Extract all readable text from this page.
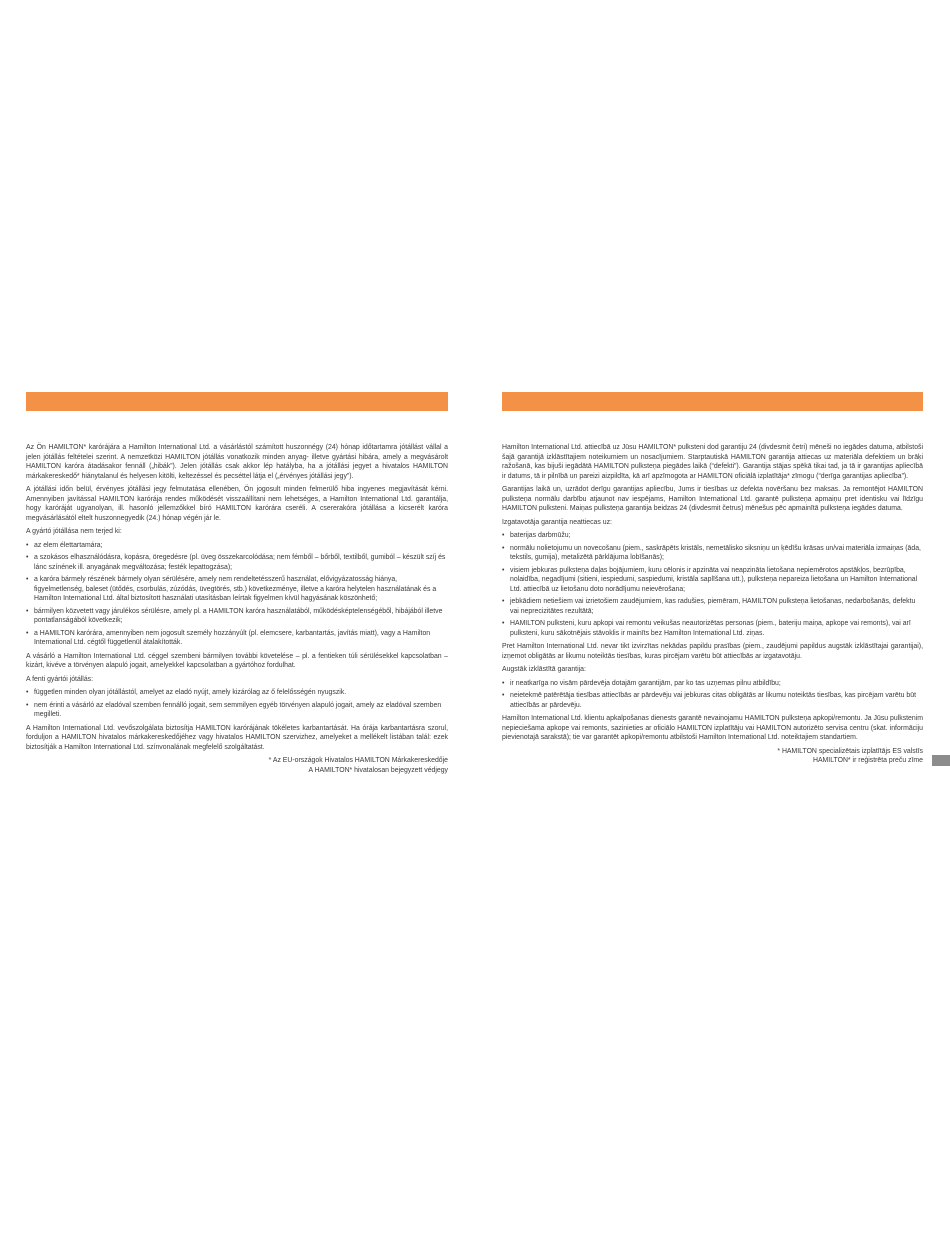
Az Ön HAMILTON* karórájára a Hamilton International Ltd. a vásárlástól számított huszonnégy (24) hónap időtartamra jótállást vállal a jelen jótállás feltételei szerint. A nemzetközi HAMILTON jótállás vonatkozik minden anyag- illetve gyártási hibára, amely a megvásárolt HAMILTON karóra átadásakor fennáll („hibák”). Jelen jótállás csak akkor lép hatályba, ha a jótállási jegyet a hivatalos HAMILTON márkakereskedő* hiánytalanul és helyesen kitölti, keltezéssel és pecséttel látja el („érvényes jótállási jegy”).

A jótállási időn belül, érvényes jótállási jegy felmutatása ellenében, Ön jogosult minden felmerülő hiba ingyenes megjavítását kérni. Amennyiben javítással HAMILTON karórája rendes működését visszaállítani nem lehetséges, a Hamilton International Ltd. garantálja, hogy karóráját ugyanolyan, ill. hasonló jellemzőkkel bíró HAMILTON karórára cseréli. A csererakóra jótállása a kicserélt karóra megvásárlásától eltelt huszonnegyedik (24.) hónap végén jár le.

A gyártó jótállása nem terjed ki:

• az elem élettartamára;
• a szokásos elhasználódásra, kopásra, öregedésre (pl. üveg összekarcolódása; nem fémből – bőrből, textilből, gumiból – készült szíj és lánc színének ill. anyagának megváltozása; festék lepattogzása);
• a karóra bármely részének bármely olyan sérülésére, amely nem rendeltetésszerű használat, elővigyázatosság hiánya, figyelmetlenség, baleset (ütődés, csorbulás, zúzódás, üvegtörés, stb.) következménye, illetve a karóra helytelen használatának és a Hamilton International Ltd. által biztosított használati utasításban leírtak figyelmen kívül hagyásának köszönhető;
• bármilyen közvetett vagy járulékos sérülésre, amely pl. a HAMILTON karóra használatából, működésképtelenségéből, hibájából illetve pontatlanságából következik;
• a HAMILTON karórára, amennyiben nem jogosult személy hozzányúlt (pl. elemcsere, karbantartás, javítás miatt), vagy a Hamilton International Ltd. cégtől függetlenül átalakították.

A vásárló a Hamilton International Ltd. céggel szembeni bármilyen további követelése – pl. a fentieken túli sérülésekkel kapcsolatban – kizárt, kivéve a törvényen alapuló jogait, amelyekkel kapcsolatban a gyártóhoz fordulhat.

A fenti gyártói jótállás:

• független minden olyan jótállástól, amelyet az eladó nyújt, amely kizárólag az ő felelősségén nyugszik.
• nem érinti a vásárló az eladóval szemben fennálló jogait, sem semmilyen egyéb törvényen alapuló jogait, amely az eladóval szemben megilleti.

A Hamilton International Ltd. vevőszolgálata biztosítja HAMILTON karórájának tökéletes karbantartását. Ha órája karbantartásra szorul, forduljon a HAMILTON hivatalos márkakereskedőjéhez vagy hivatalos HAMILTON szervizhez, amelyeket a mellékelt listában talál: ezek biztosítják a Hamilton International Ltd. színvonalának megfelelő szolgáltatást.

* Az EU-országok Hivatalos HAMILTON Márkakereskedője
A HAMILTON* hivatalosan bejegyzett védjegy

Hamilton International Ltd. attiecībā uz Jūsu HAMILTON* pulksteni dod garantiju 24 (divdesmit četri) mēneši no iegādes datuma, atbilstoši šajā garantijā izklāstītajiem noteikumiem un nosacījumiem. Starptautiskā HAMILTON garantija attiecas uz materiāla defektiem un brāķi ražošanā, kas bijuši iegādātā HAMILTON pulksteņa piegādes laikā (“defekti”). Garantija stājas spēkā tikai tad, ja tā ir garantijas apliecībā ir datums, tā ir pilnībā un pareizi aizpildīta, kā arī apzīmogota ar HAMILTON oficiālā izplatītāja* zīmogu (“derīga garantijas apliecība”).

Garantijas laikā un, uzrādot derīgu garantijas apliecību, Jums ir tiesības uz defekta novēršanu bez maksas. Ja remontējot HAMILTON pulksteņa normālu darbību atjaunot nav iespējams, Hamilton International Ltd. garantē pulksteņa apmaiņu pret identisku vai līdzīgu HAMILTON pulksteni. Maiņas pulksteņa garantija beidzas 24 (divdesmit četrus) mēnešus pēc apmainītā pulksteņa iegādes datuma.

Izgatavotāja garantija neattiecas uz:

• baterijas darbmūžu;
• normālu nolietojumu un novecošanu (piem., saskrāpēts kristāls, nemetālisko siksniņu un ķēdīšu krāsas un/vai materiāla izmaiņas (āda, tekstils, gumija), metalizētā pārklājuma lobīšanās);
• visiem jebkuras pulksteņa daļas bojājumiem, kuru cēlonis ir apzināta vai neapzināta lietošana nepiemērotos apstākļos, bezrūpība, nolaidība, negadījumi (sitieni, iespiedumi, saspiedumi, kristāla saplīšana utt.), pulksteņa nepareiza lietošana un Hamilton International Ltd. attiecībā uz lietošanu doto norādījumu neievērošana;
• jebkādiem netiešiem vai izrietošiem zaudējumiem, kas radušies, piemēram, HAMILTON pulksteņa lietošanas, nedarbošanās, defektu vai neprecizitātes rezultātā;
• HAMILTON pulksteni, kuru apkopi vai remontu veikušas neautorizētas personas (piem., bateriju maiņa, apkope vai remonts), vai arī pulksteni, kuru sākotnējais stāvoklis ir mainīts bez Hamilton International Ltd. ziņas.

Pret Hamilton International Ltd. nevar tikt izvirzītas nekādas papildu prasības (piem., zaudējumi papildus augstāk izklāstītajai garantijai), izņemot obligātās ar likumu noteiktās tiesības, kuras pircējam varētu būt attiecībās ar izgatavotāju.

Augstāk izklāstītā garantija:

• ir neatkarīga no visām pārdevēja dotajām garantijām, par ko tas uzņemas pilnu atbildību;
• neietekmē patērētāja tiesības attiecībās ar pārdevēju vai jebkuras citas obligātās ar likumu noteiktās tiesības, kas pircējam varētu būt attiecībās ar pārdevēju.

Hamilton International Ltd. klientu apkalpošanas dienests garantē nevainojamu HAMILTON pulksteņa apkopi/remontu. Ja Jūsu pulkstenim nepieciešama apkope vai remonts, sazinieties ar oficiālo HAMILTON izplatītāju vai HAMILTON autorizēto servisa centru (skat. informāciju pievienotajā sarakstā); tie var garantēt apkopi/remontu atbilstoši Hamilton International Ltd. noteiktajiem standartiem.

* HAMILTON specializētais izplatītājs ES valstīs
HAMILTON* ir reģistrēta preču zīme
